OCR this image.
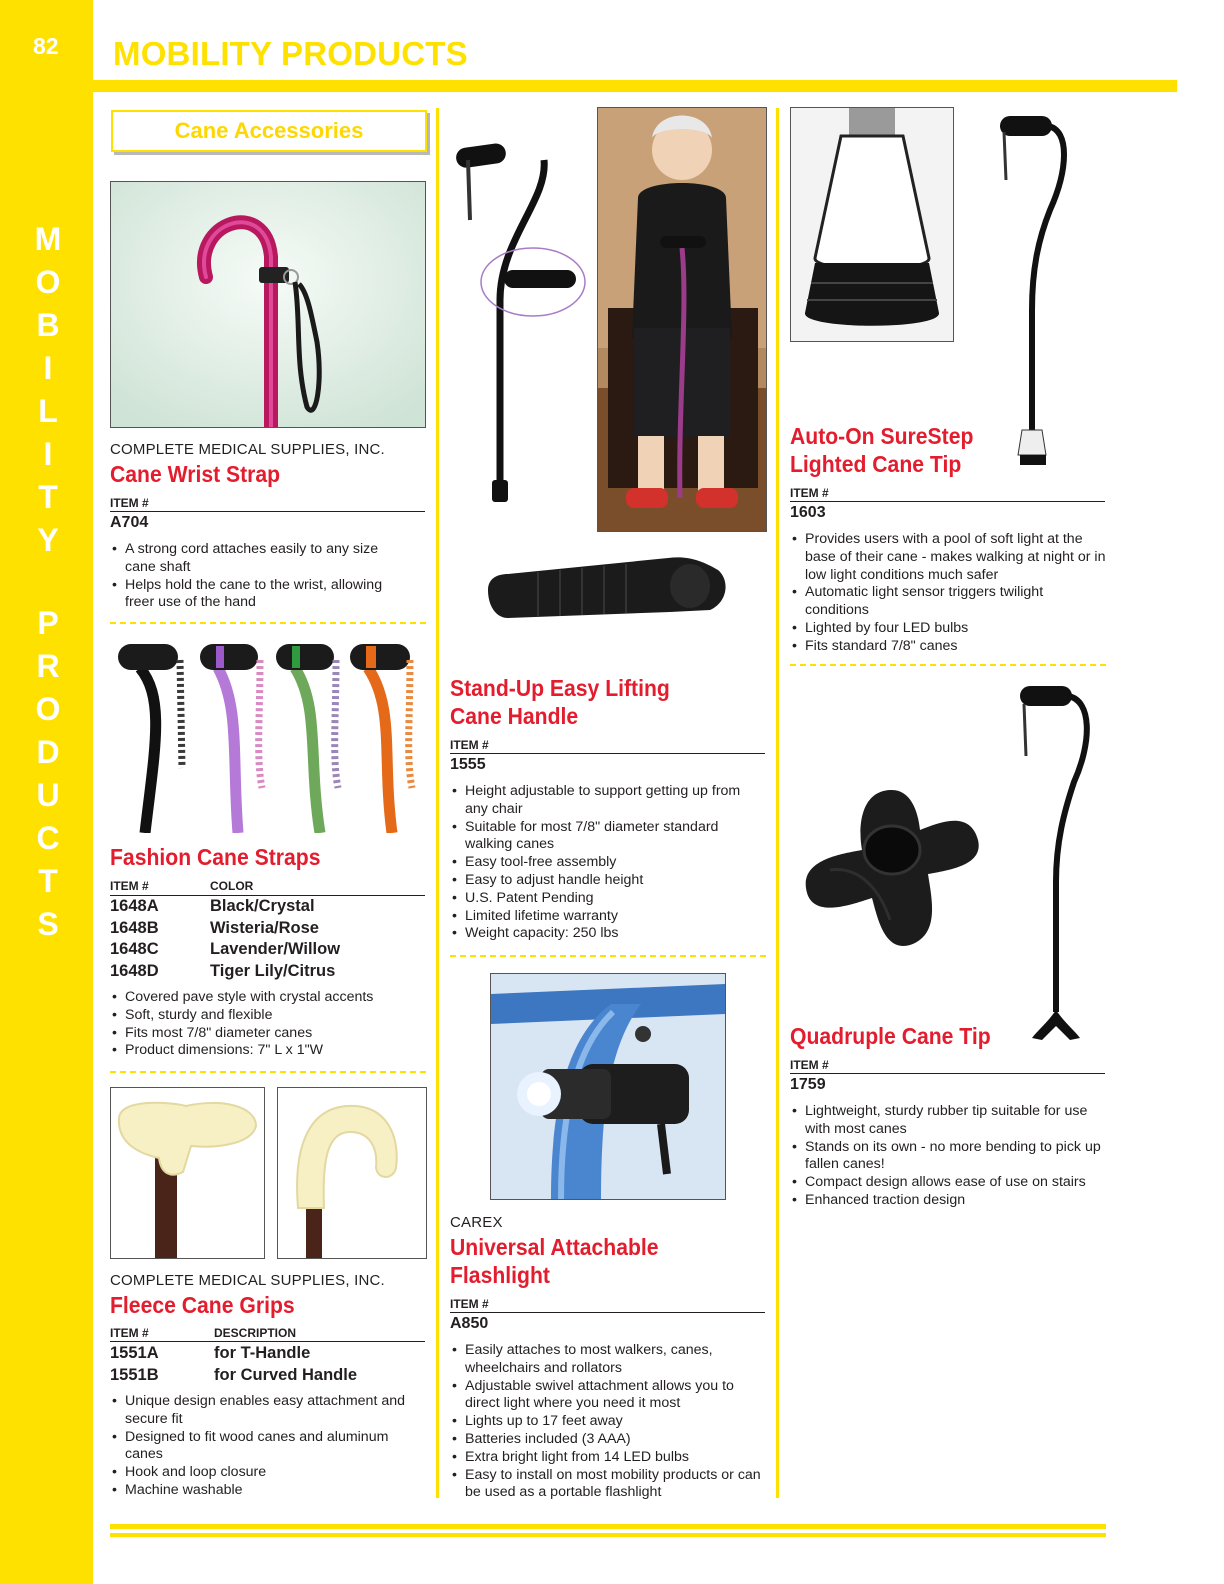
82
M
O
B
I
L
I
T
Y
P
R
O
D
U
C
T
S
MOBILITY PRODUCTS
Cane Accessories
COMPLETE MEDICAL SUPPLIES, INC.
Cane Wrist Strap
ITEM #
A704
• A strong cord attaches easily to any size cane shaft
• Helps hold the cane to the wrist, allowing freer use of the hand
Fashion Cane Straps
ITEM #	COLOR
1648A	Black/Crystal
1648B	Wisteria/Rose
1648C	Lavender/Willow
1648D	Tiger Lily/Citrus
• Covered pave style with crystal accents
• Soft, sturdy and flexible
• Fits most 7/8" diameter canes
• Product dimensions: 7" L x 1"W
COMPLETE MEDICAL SUPPLIES, INC.
Fleece Cane Grips
ITEM #	DESCRIPTION
1551A	for T-Handle
1551B	for Curved Handle
• Unique design enables easy attachment and secure fit
• Designed to fit wood canes and aluminum canes
• Hook and loop closure
• Machine washable
Stand-Up Easy Lifting
Cane Handle
ITEM #
1555
• Height adjustable to support getting up from any chair
• Suitable for most 7/8" diameter standard walking canes
• Easy tool-free assembly
• Easy to adjust handle height
• U.S. Patent Pending
• Limited lifetime warranty
• Weight capacity: 250 lbs
CAREX
Universal Attachable
Flashlight
ITEM #
A850
• Easily attaches to most walkers, canes, wheelchairs and rollators
• Adjustable swivel attachment allows you to direct light where you need it most
• Lights up to 17 feet away
• Batteries included (3 AAA)
• Extra bright light from 14 LED bulbs
• Easy to install on most mobility products or can be used as a portable flashlight
Auto-On SureStep
Lighted Cane Tip
ITEM #
1603
• Provides users with a pool of soft light at the base of their cane - makes walking at night or in low light conditions much safer
• Automatic light sensor triggers twilight conditions
• Lighted by four LED bulbs
• Fits standard 7/8" canes
Quadruple Cane Tip
ITEM #
1759
• Lightweight, sturdy rubber tip suitable for use with most canes
• Stands on its own - no more bending to pick up fallen canes!
• Compact design allows ease of use on stairs
• Enhanced traction design
